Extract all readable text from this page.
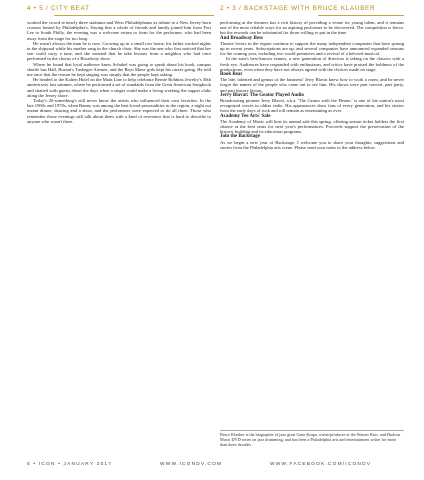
4 • 5 / CITY BEAT	2 • 3 / BACKSTAGE WITH BRUCE KLAUBER

worked the crowd at nearly three stadiums and Wess Philadelphians as tribute to a New Jersey-born crooner hosted by Philadelphia's. Saying that a whole of friends and family joined him from Fort Lee to South Philly, the evening was a welcome return to form for the performer, who had been away from the stage for too long.

He wasn't always the man he is now. Growing up in a small row home, his father worked nights in the shipyard while his mother sang in the church choir. She was the one who first noticed that her son could carry a tune, and she insisted that he take lessons from a neighbor who had once performed in the chorus of a Broadway show.

Where he found that local audience knew Schubel was going to speak about his book, campus shuttle bus Hall, Boston's Tuskegee Airmen, and the Bryn Mawr girls kept his career going. He told me once that the reason he kept singing was simply that the people kept asking.

He headed to the Kalien Hotel on the Main Line to help celebrate Bernie Robbins Jewelry's 50th anniversary last summer, where he performed a set of standards from the Great American Songbook and chatted with guests about the days when a singer could make a living working the supper clubs along the Jersey shore.

Today's 20-something's still never know the artists who influenced their own favorites. In the late 1960s and 1970s, when Bunny was among the best-loved personalities in the region, a night out meant dinner, dancing and a show, and the performers were expected to do all three. Those who remember those evenings still talk about them with a kind of reverence that is hard to describe to anyone who wasn't there.

performing at the theaters has a rich history of providing a venue for young talent, and it remains one of the most reliable ways for an aspiring performer to be discovered. The competition is fierce, but the rewards can be substantial for those willing to put in the time.

And Broadway Bess

Theatre lovers in the region continue to support the many independent companies that have sprung up in recent years. Subscriptions are up, and several companies have announced expanded seasons for the coming year, including two world premieres and a revival of a beloved musical.

In the area's best-known venues, a new generation of directors is taking on the classics with a fresh eye. Audiences have responded with enthusiasm, and critics have praised the boldness of the productions, even when they have not always agreed with the choices made on stage.

Book Beat

The late, talented and genius of the business! Jerry Blavat knew how to work a room, and he never forgot the names of the people who came out to see him. His shows were part concert, part party, and part history lesson.

Jerry Blavat: The Geator Played Audio

Broadcasting pioneer Jerry Blavat, a.k.a. 'The Geator with the Heater,' is one of the nation's most recognized voices in oldies radio. His appearances draw fans of every generation, and his stories from the early days of rock and roll remain as entertaining as ever.

Academy Tee Arts' Sale

The Academy of Music will host its annual sale this spring, offering season ticket holders the first chance at the best seats for next year's performances. Proceeds support the preservation of the historic building and its education programs.

Join the Backstage

As we begin a new year of Backstage, I welcome you to share your thoughts, suggestions and stories from the Philadelphia arts scene. Please send your notes to the address below.

Bruce Klauber is the biographer of jazz great Gene Krupa, writer/producer of the Warner Bros. and Hudson Music DVD series on jazz drumming, and has been a Philadelphia arts and entertainment writer for more than three decades.
5 • ICON • JANUARY 2017	WWW.ICONDV.COM	WWW.FACEBOOK.COM/ICONDV
